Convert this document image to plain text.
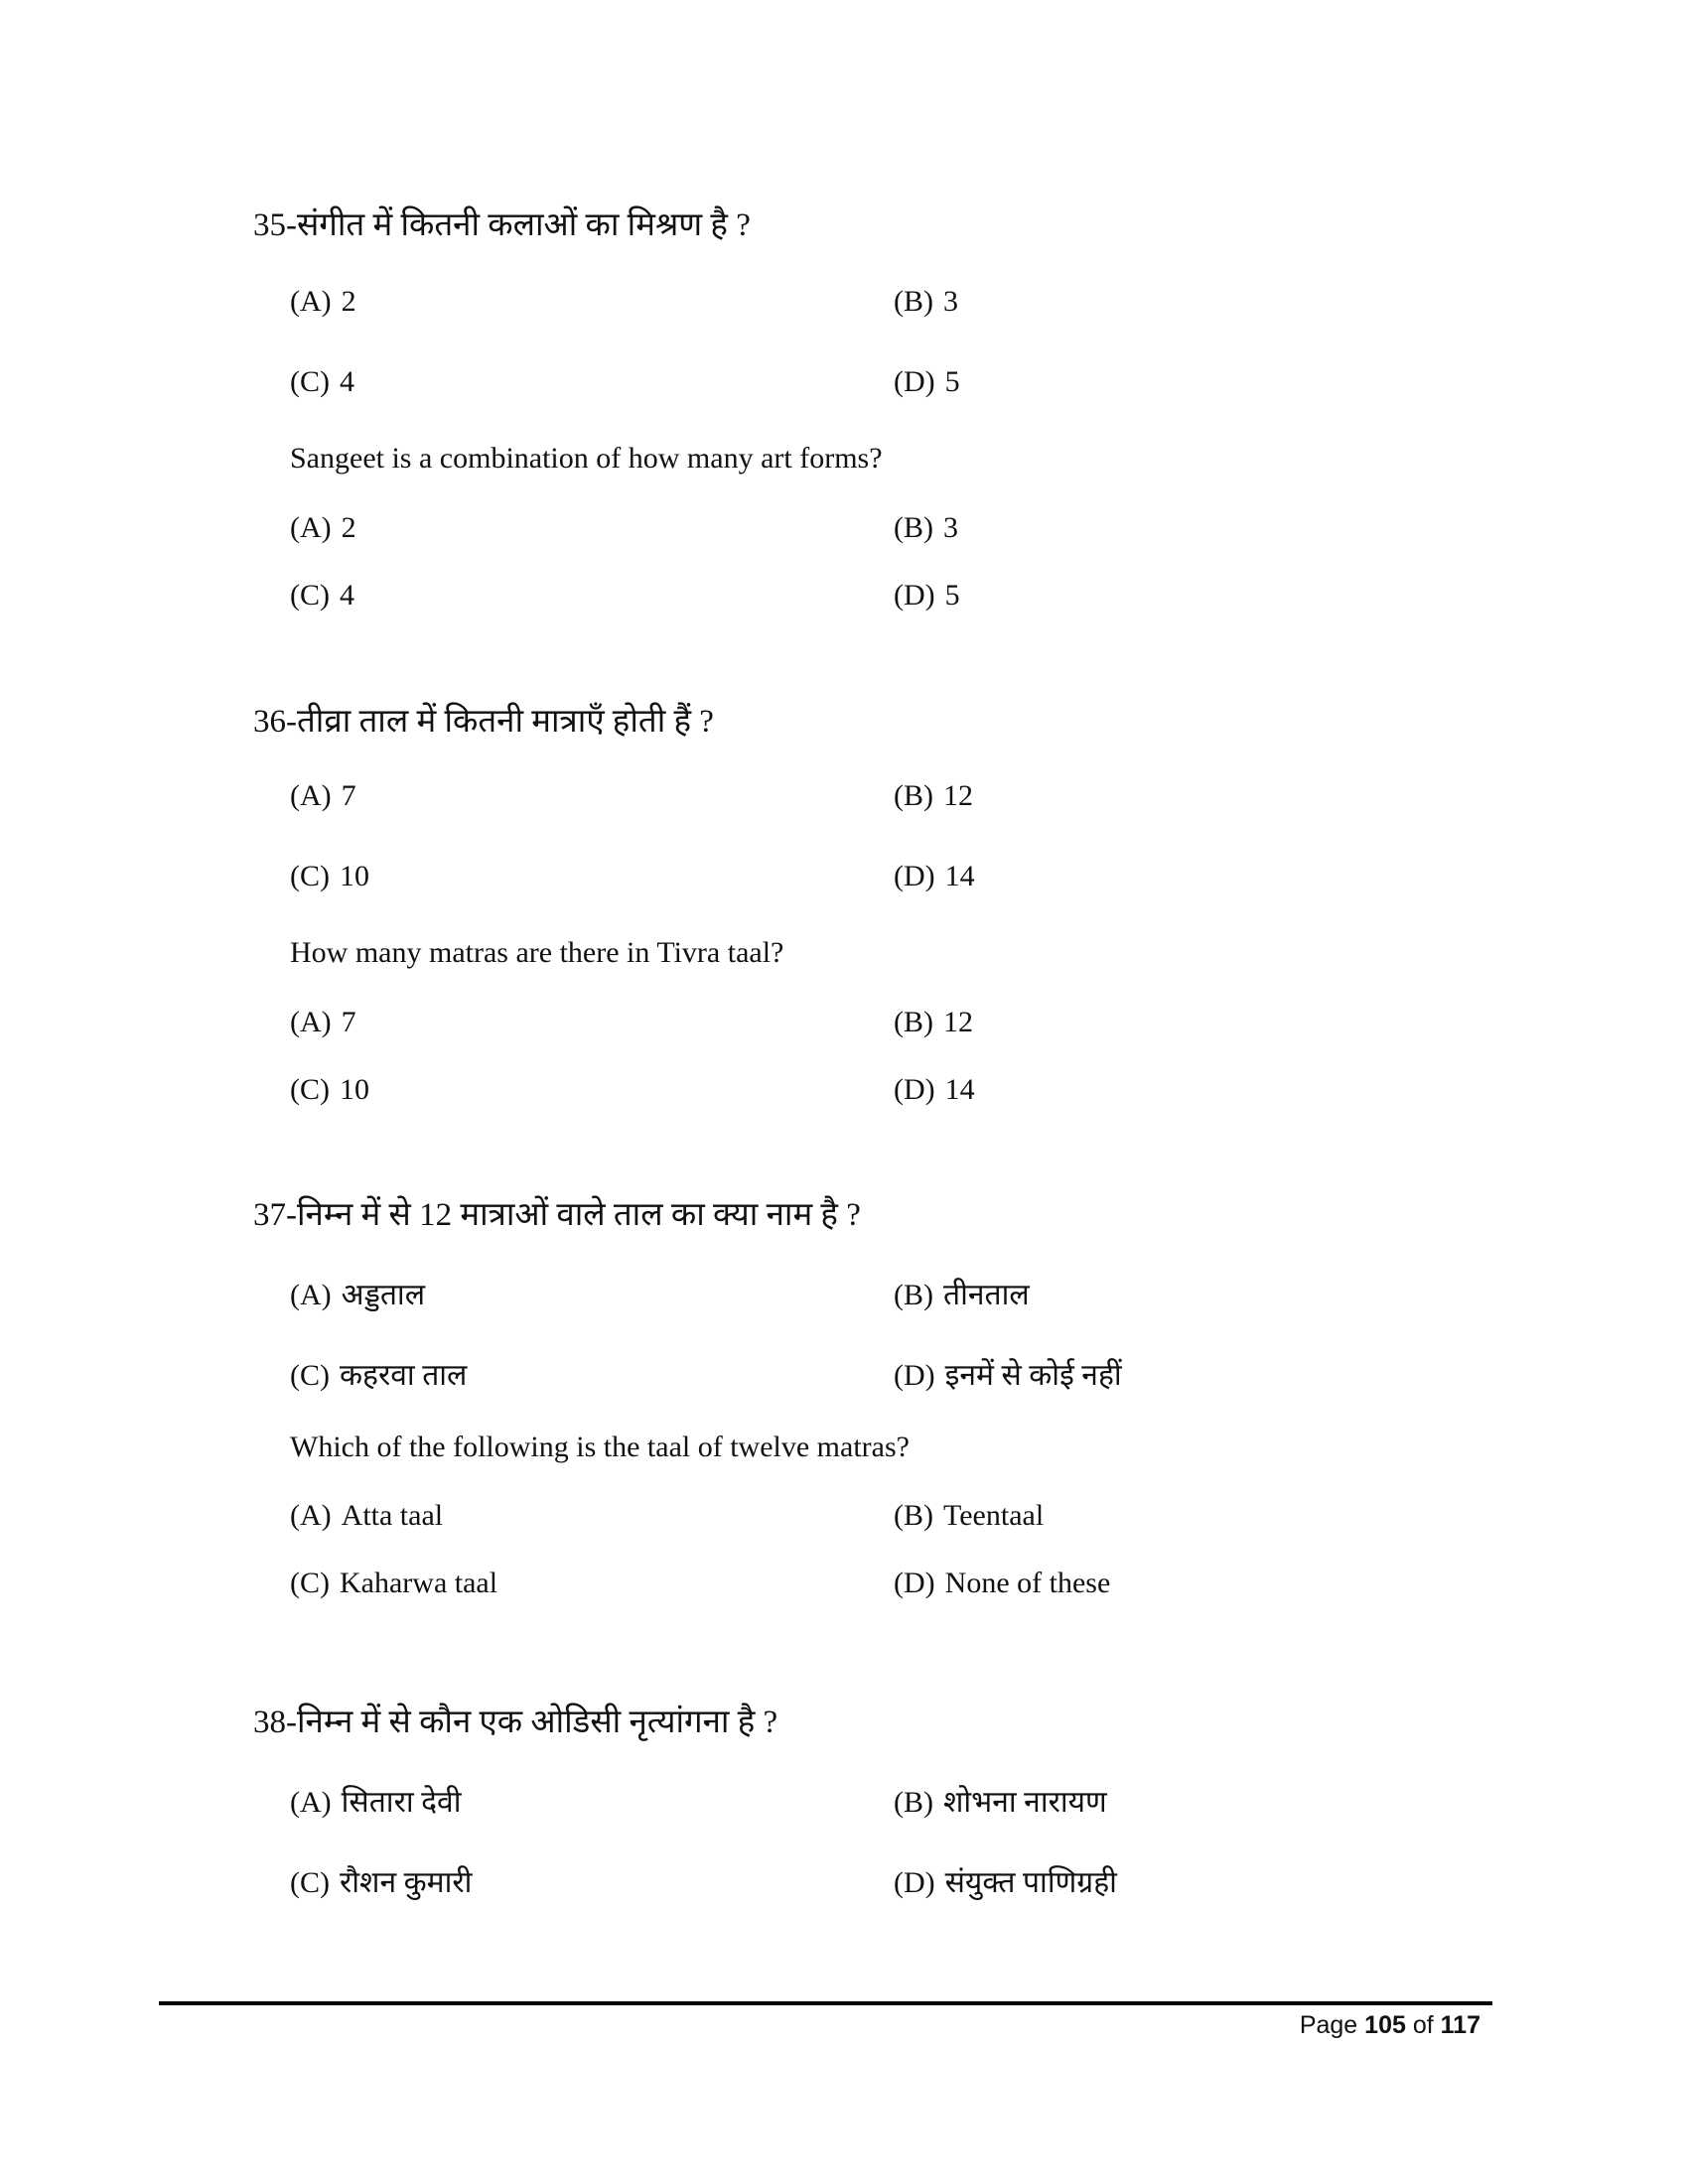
35-संगीत में कितनी कलाओं का मिश्रण है ?
(A) 2	(B) 3
(C) 4	(D) 5
Sangeet is a combination of how many art forms?
(A) 2	(B) 3
(C) 4	(D) 5
36-तीव्रा ताल में कितनी मात्राएँ होती हैं ?
(A) 7	(B) 12
(C) 10	(D) 14
How many matras are there in Tivra taal?
(A) 7	(B) 12
(C) 10	(D) 14
37-निम्न में से 12 मात्राओं वाले ताल का क्या नाम है ?
(A) अड्डताल	(B) तीनताल
(C) कहरवा ताल	(D) इनमें से कोई नहीं
Which of the following is the taal of twelve matras?
(A) Atta taal	(B) Teentaal
(C) Kaharwa taal	(D) None of these
38-निम्न में से कौन एक ओडिसी नृत्यांगना है ?
(A) सितारा देवी	(B) शोभना नारायण
(C) रौशन कुमारी	(D) संयुक्त पाणिग्रही
Page 105 of 117
